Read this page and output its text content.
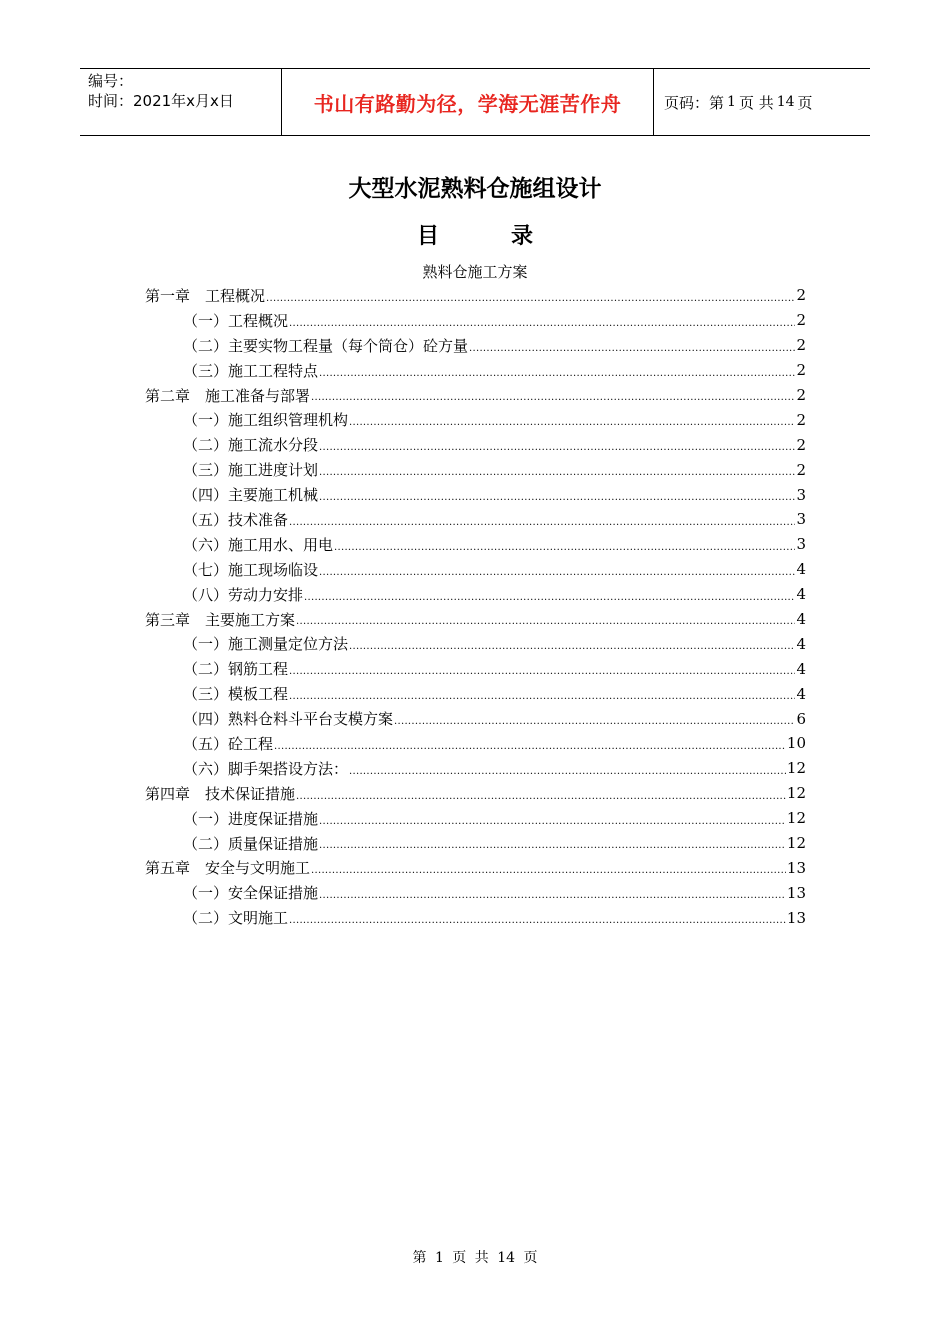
编号：
时间：2021年x月x日	书山有路勤为径，学海无涯苦作舟	页码：第 1 页 共 14 页
大型水泥熟料仓施组设计
目	录
熟料仓施工方案
第一章　工程概况 .....	2
（一）工程概况 .....	2
（二）主要实物工程量（每个筒仓）砼方量 .....	2
（三）施工工程特点 .....	2
第二章　施工准备与部署 .....	2
（一）施工组织管理机构 .....	2
（二）施工流水分段 .....	2
（三）施工进度计划 .....	2
（四）主要施工机械 .....	3
（五）技术准备 .....	3
（六）施工用水、用电 .....	3
（七）施工现场临设 .....	4
（八）劳动力安排 .....	4
第三章　主要施工方案 .....	4
（一）施工测量定位方法 .....	4
（二）钢筋工程 .....	4
（三）模板工程 .....	4
（四）熟料仓料斗平台支模方案 .....	6
（五）砼工程 .....	10
（六）脚手架搭设方法： .....	12
第四章　技术保证措施 .....	12
（一）进度保证措施 .....	12
（二）质量保证措施 .....	12
第五章　安全与文明施工 .....	13
（一）安全保证措施 .....	13
（二）文明施工 .....	13
第 1 页 共 14 页
